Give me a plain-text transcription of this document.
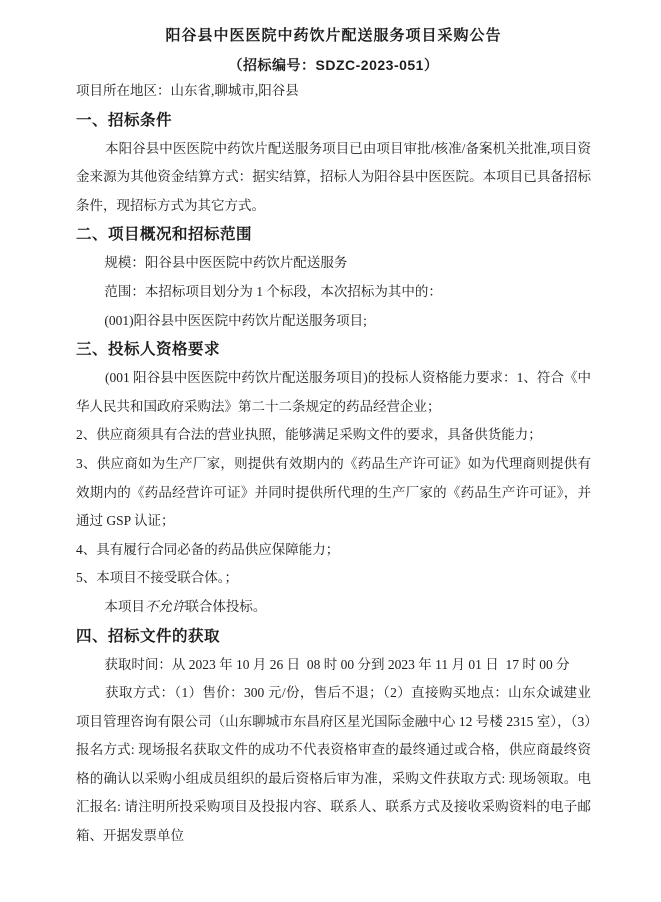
阳谷县中医医院中药饮片配送服务项目采购公告
（招标编号：SDZC-2023-051）
项目所在地区：山东省,聊城市,阳谷县
一、招标条件

本阳谷县中医医院中药饮片配送服务项目已由项目审批/核准/备案机关批准,项目资金来源为其他资金结算方式：据实结算，招标人为阳谷县中医医院。本项目已具备招标条件，现招标方式为其它方式。

二、项目概况和招标范围
规模：阳谷县中医医院中药饮片配送服务
范围：本招标项目划分为 1 个标段，本次招标为其中的：
(001)阳谷县中医医院中药饮片配送服务项目;
三、投标人资格要求

(001 阳谷县中医医院中药饮片配送服务项目)的投标人资格能力要求：1、符合《中华人民共和国政府采购法》第二十二条规定的药品经营企业；

2、供应商须具有合法的营业执照，能够满足采购文件的要求，具备供货能力；

3、供应商如为生产厂家，则提供有效期内的《药品生产许可证》如为代理商则提供有效期内的《药品经营许可证》并同时提供所代理的生产厂家的《药品生产许可证》，并通过 GSP 认证；

4、具有履行合同必备的药品供应保障能力；

5、本项目不接受联合体。；

本项目不允许联合体投标。
四、招标文件的获取
获取时间：从 2023 年 10 月 26 日  08 时 00 分到 2023 年 11 月 01 日  17 时 00 分

获取方式：（1）售价：300 元/份，售后不退；（2）直接购买地点：山东众诚建业项目管理咨询有限公司（山东聊城市东昌府区星光国际金融中心 12 号楼 2315 室），（3）报名方式: 现场报名获取文件的成功不代表资格审查的最终通过或合格，供应商最终资格的确认以采购小组成员组织的最后资格后审为准，采购文件获取方式: 现场领取。电汇报名: 请注明所投采购项目及投报内容、联系人、联系方式及接收采购资料的电子邮箱、开据发票单位
